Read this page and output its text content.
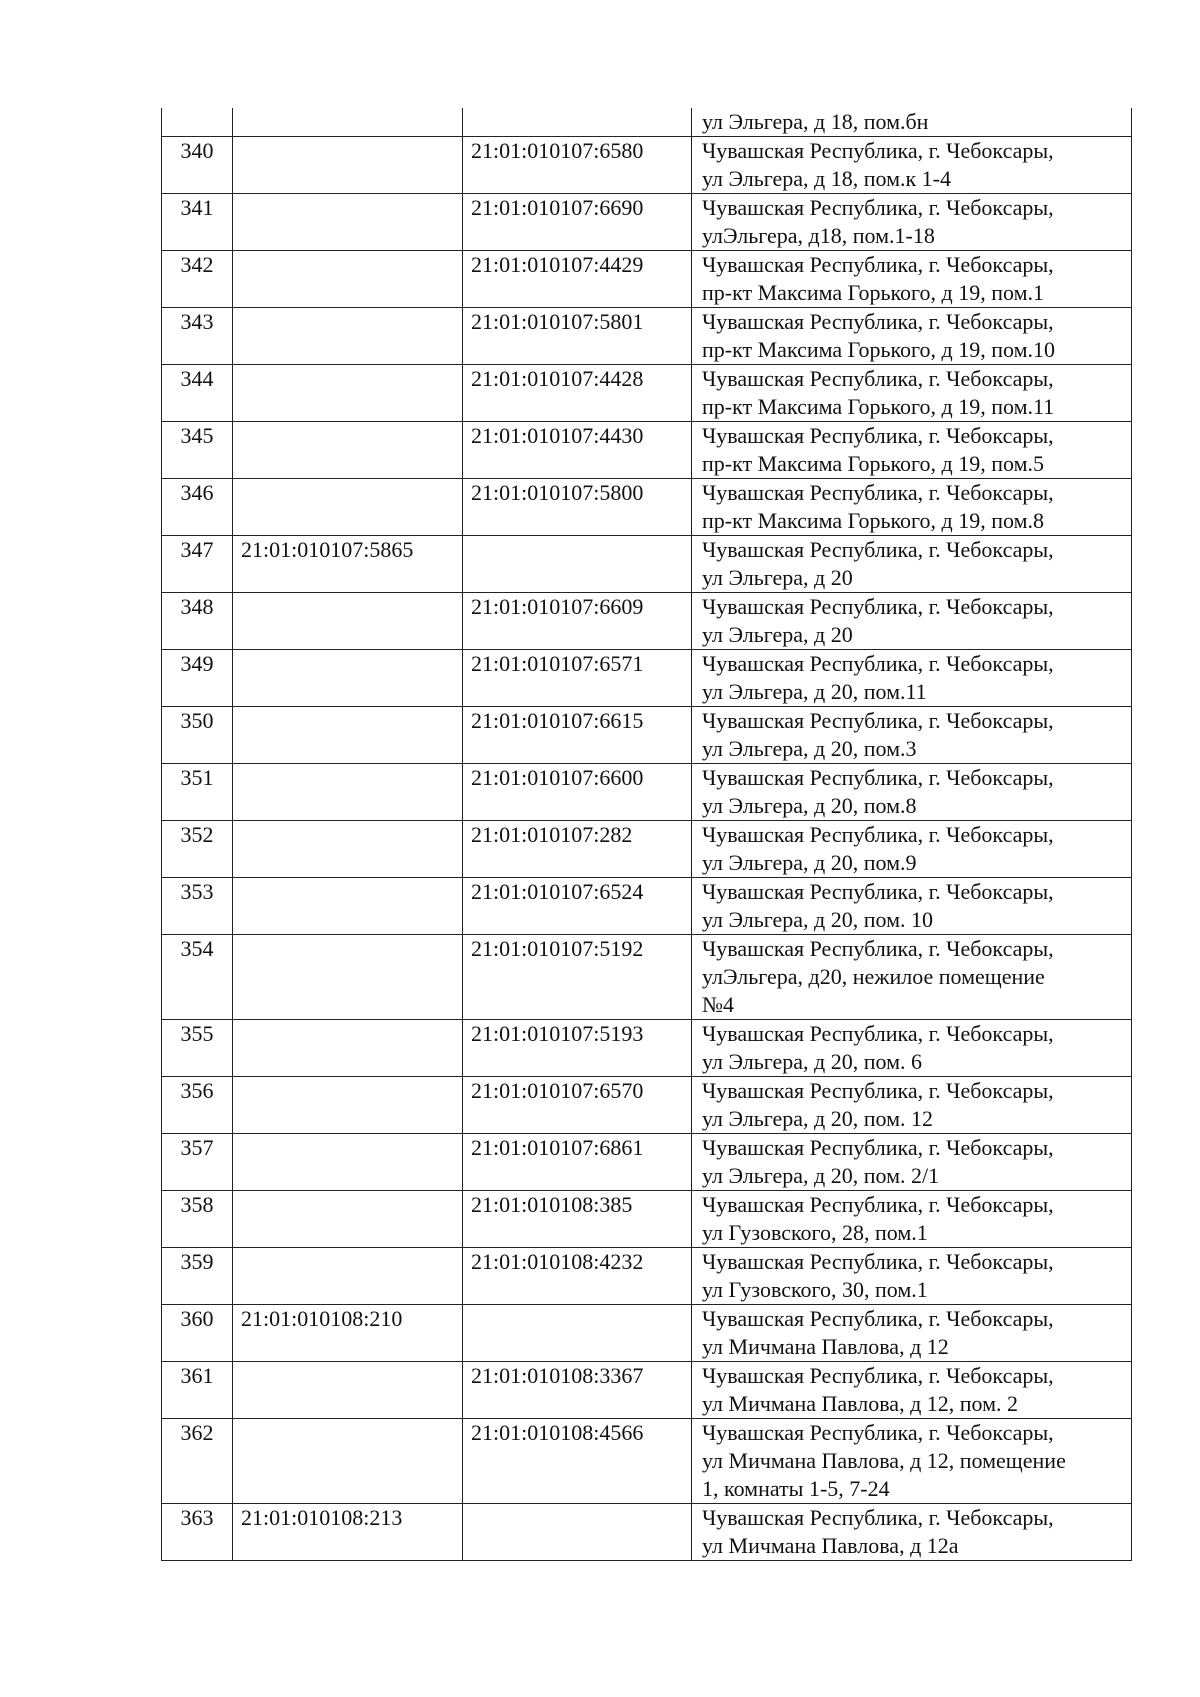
			ул Эльгера, д 18, пом.бн

340		21:01:010107:6580	Чувашская Республика, г. Чебоксары,
ул Эльгера, д 18, пом.к 1-4

341		21:01:010107:6690	Чувашская Республика, г. Чебоксары,
улЭльгера, д18, пом.1-18

342		21:01:010107:4429	Чувашская Республика, г. Чебоксары,
пр-кт Максима Горького, д 19, пом.1

343		21:01:010107:5801	Чувашская Республика, г. Чебоксары,
пр-кт Максима Горького, д 19, пом.10

344		21:01:010107:4428	Чувашская Республика, г. Чебоксары,
пр-кт Максима Горького, д 19, пом.11

345		21:01:010107:4430	Чувашская Республика, г. Чебоксары,
пр-кт Максима Горького, д 19, пом.5

346		21:01:010107:5800	Чувашская Республика, г. Чебоксары,
пр-кт Максима Горького, д 19, пом.8

347	21:01:010107:5865		Чувашская Республика, г. Чебоксары,
ул Эльгера, д 20

348		21:01:010107:6609	Чувашская Республика, г. Чебоксары,
ул Эльгера, д 20

349		21:01:010107:6571	Чувашская Республика, г. Чебоксары,
ул Эльгера, д 20, пом.11

350		21:01:010107:6615	Чувашская Республика, г. Чебоксары,
ул Эльгера, д 20, пом.3

351		21:01:010107:6600	Чувашская Республика, г. Чебоксары,
ул Эльгера, д 20, пом.8

352		21:01:010107:282	Чувашская Республика, г. Чебоксары,
ул Эльгера, д 20, пом.9

353		21:01:010107:6524	Чувашская Республика, г. Чебоксары,
ул Эльгера, д 20, пом. 10

354		21:01:010107:5192	Чувашская Республика, г. Чебоксары,
улЭльгера, д20, нежилое помещение
№4

355		21:01:010107:5193	Чувашская Республика, г. Чебоксары,
ул Эльгера, д 20, пом. 6

356		21:01:010107:6570	Чувашская Республика, г. Чебоксары,
ул Эльгера, д 20, пом. 12

357		21:01:010107:6861	Чувашская Республика, г. Чебоксары,
ул Эльгера, д 20, пом. 2/1

358		21:01:010108:385	Чувашская Республика, г. Чебоксары,
ул Гузовского, 28, пом.1

359		21:01:010108:4232	Чувашская Республика, г. Чебоксары,
ул Гузовского, 30, пом.1

360	21:01:010108:210		Чувашская Республика, г. Чебоксары,
ул Мичмана Павлова, д 12

361		21:01:010108:3367	Чувашская Республика, г. Чебоксары,
ул Мичмана Павлова, д 12, пом. 2

362		21:01:010108:4566	Чувашская Республика, г. Чебоксары,
ул Мичмана Павлова, д 12, помещение
1, комнаты 1-5, 7-24

363	21:01:010108:213		Чувашская Республика, г. Чебоксары,
ул Мичмана Павлова, д 12а
